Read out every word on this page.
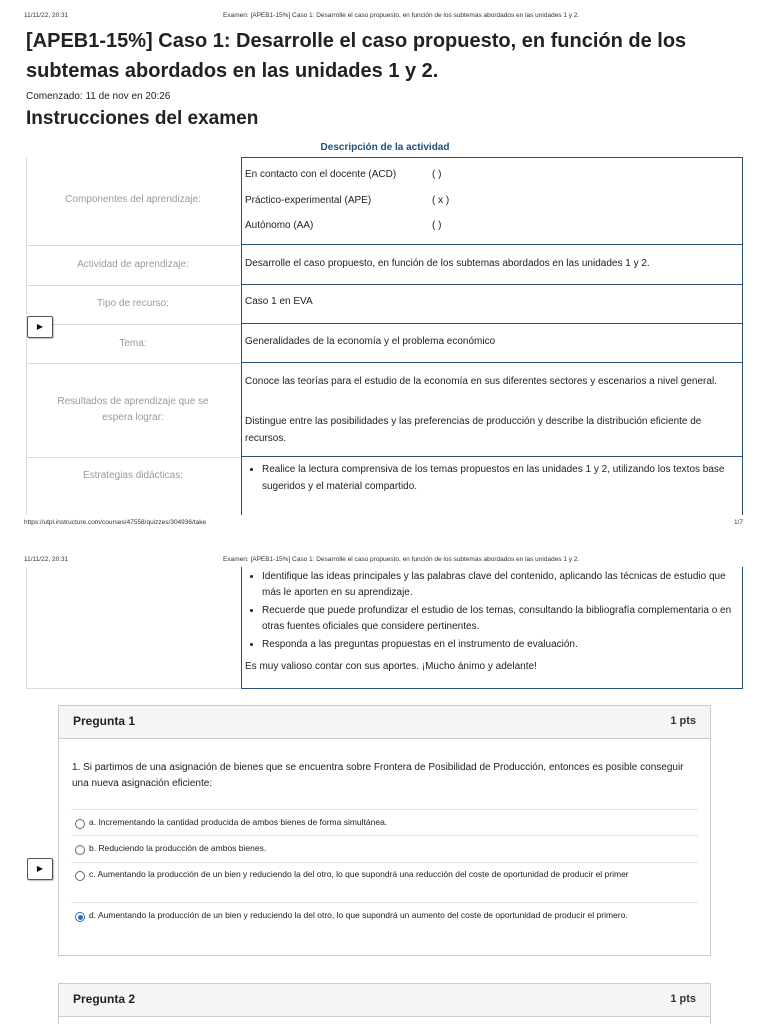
11/11/22, 20:31	Examen: [APEB1-15%] Caso 1: Desarrolle el caso propuesto, en función de los subtemas abordados en las unidades 1 y 2.
[APEB1-15%] Caso 1: Desarrolle el caso propuesto, en función de los subtemas abordados en las unidades 1 y 2.
Comenzado: 11 de nov en 20:26
Instrucciones del examen
Descripción de la actividad
Componentes del aprendizaje:
En contacto con el docente (ACD)	( )
Práctico-experimental (APE)	( x )
Autónomo (AA)	( )
Actividad de aprendizaje:	Desarrolle el caso propuesto, en función de los subtemas abordados en las unidades 1 y 2.
Tipo de recurso:	Caso 1 en EVA
Tema:	Generalidades de la economía y el problema económico
Resultados de aprendizaje que se espera lograr:
Conoce las teorías para el estudio de la economía en sus diferentes sectores y escenarios a nivel general.
Distingue entre las posibilidades y las preferencias de producción y describe la distribución eficiente de recursos.
Estrategias didácticas:
• Realice la lectura comprensiva de los temas propuestos en las unidades 1 y 2, utilizando los textos base sugeridos y el material compartido.
▶
https://utpl.instructure.com/courses/47558/quizzes/304936/take	1/7
11/11/22, 20:31	Examen: [APEB1-15%] Caso 1: Desarrolle el caso propuesto, en función de los subtemas abordados en las unidades 1 y 2.
• Identifique las ideas principales y las palabras clave del contenido, aplicando las técnicas de estudio que más le aporten en su aprendizaje.
• Recuerde que puede profundizar el estudio de los temas, consultando la bibliografía complementaria o en otras fuentes oficiales que considere pertinentes.
• Responda a las preguntas propuestas en el instrumento de evaluación.
Es muy valioso contar con sus aportes. ¡Mucho ánimo y adelante!
Pregunta 1	1 pts
1. Si partimos de una asignación de bienes que se encuentra sobre Frontera de Posibilidad de Producción, entonces es posible conseguir una nueva asignación eficiente:
a. Incrementando la cantidad producida de ambos bienes de forma simultánea.
b. Reduciendo la producción de ambos bienes.
c. Aumentando la producción de un bien y reduciendo la del otro, lo que supondrá una reducción del coste de oportunidad de producir el primer
d. Aumentando la producción de un bien y reduciendo la del otro, lo que supondrá un aumento del coste de oportunidad de producir el primero.
▶
Pregunta 2	1 pts
